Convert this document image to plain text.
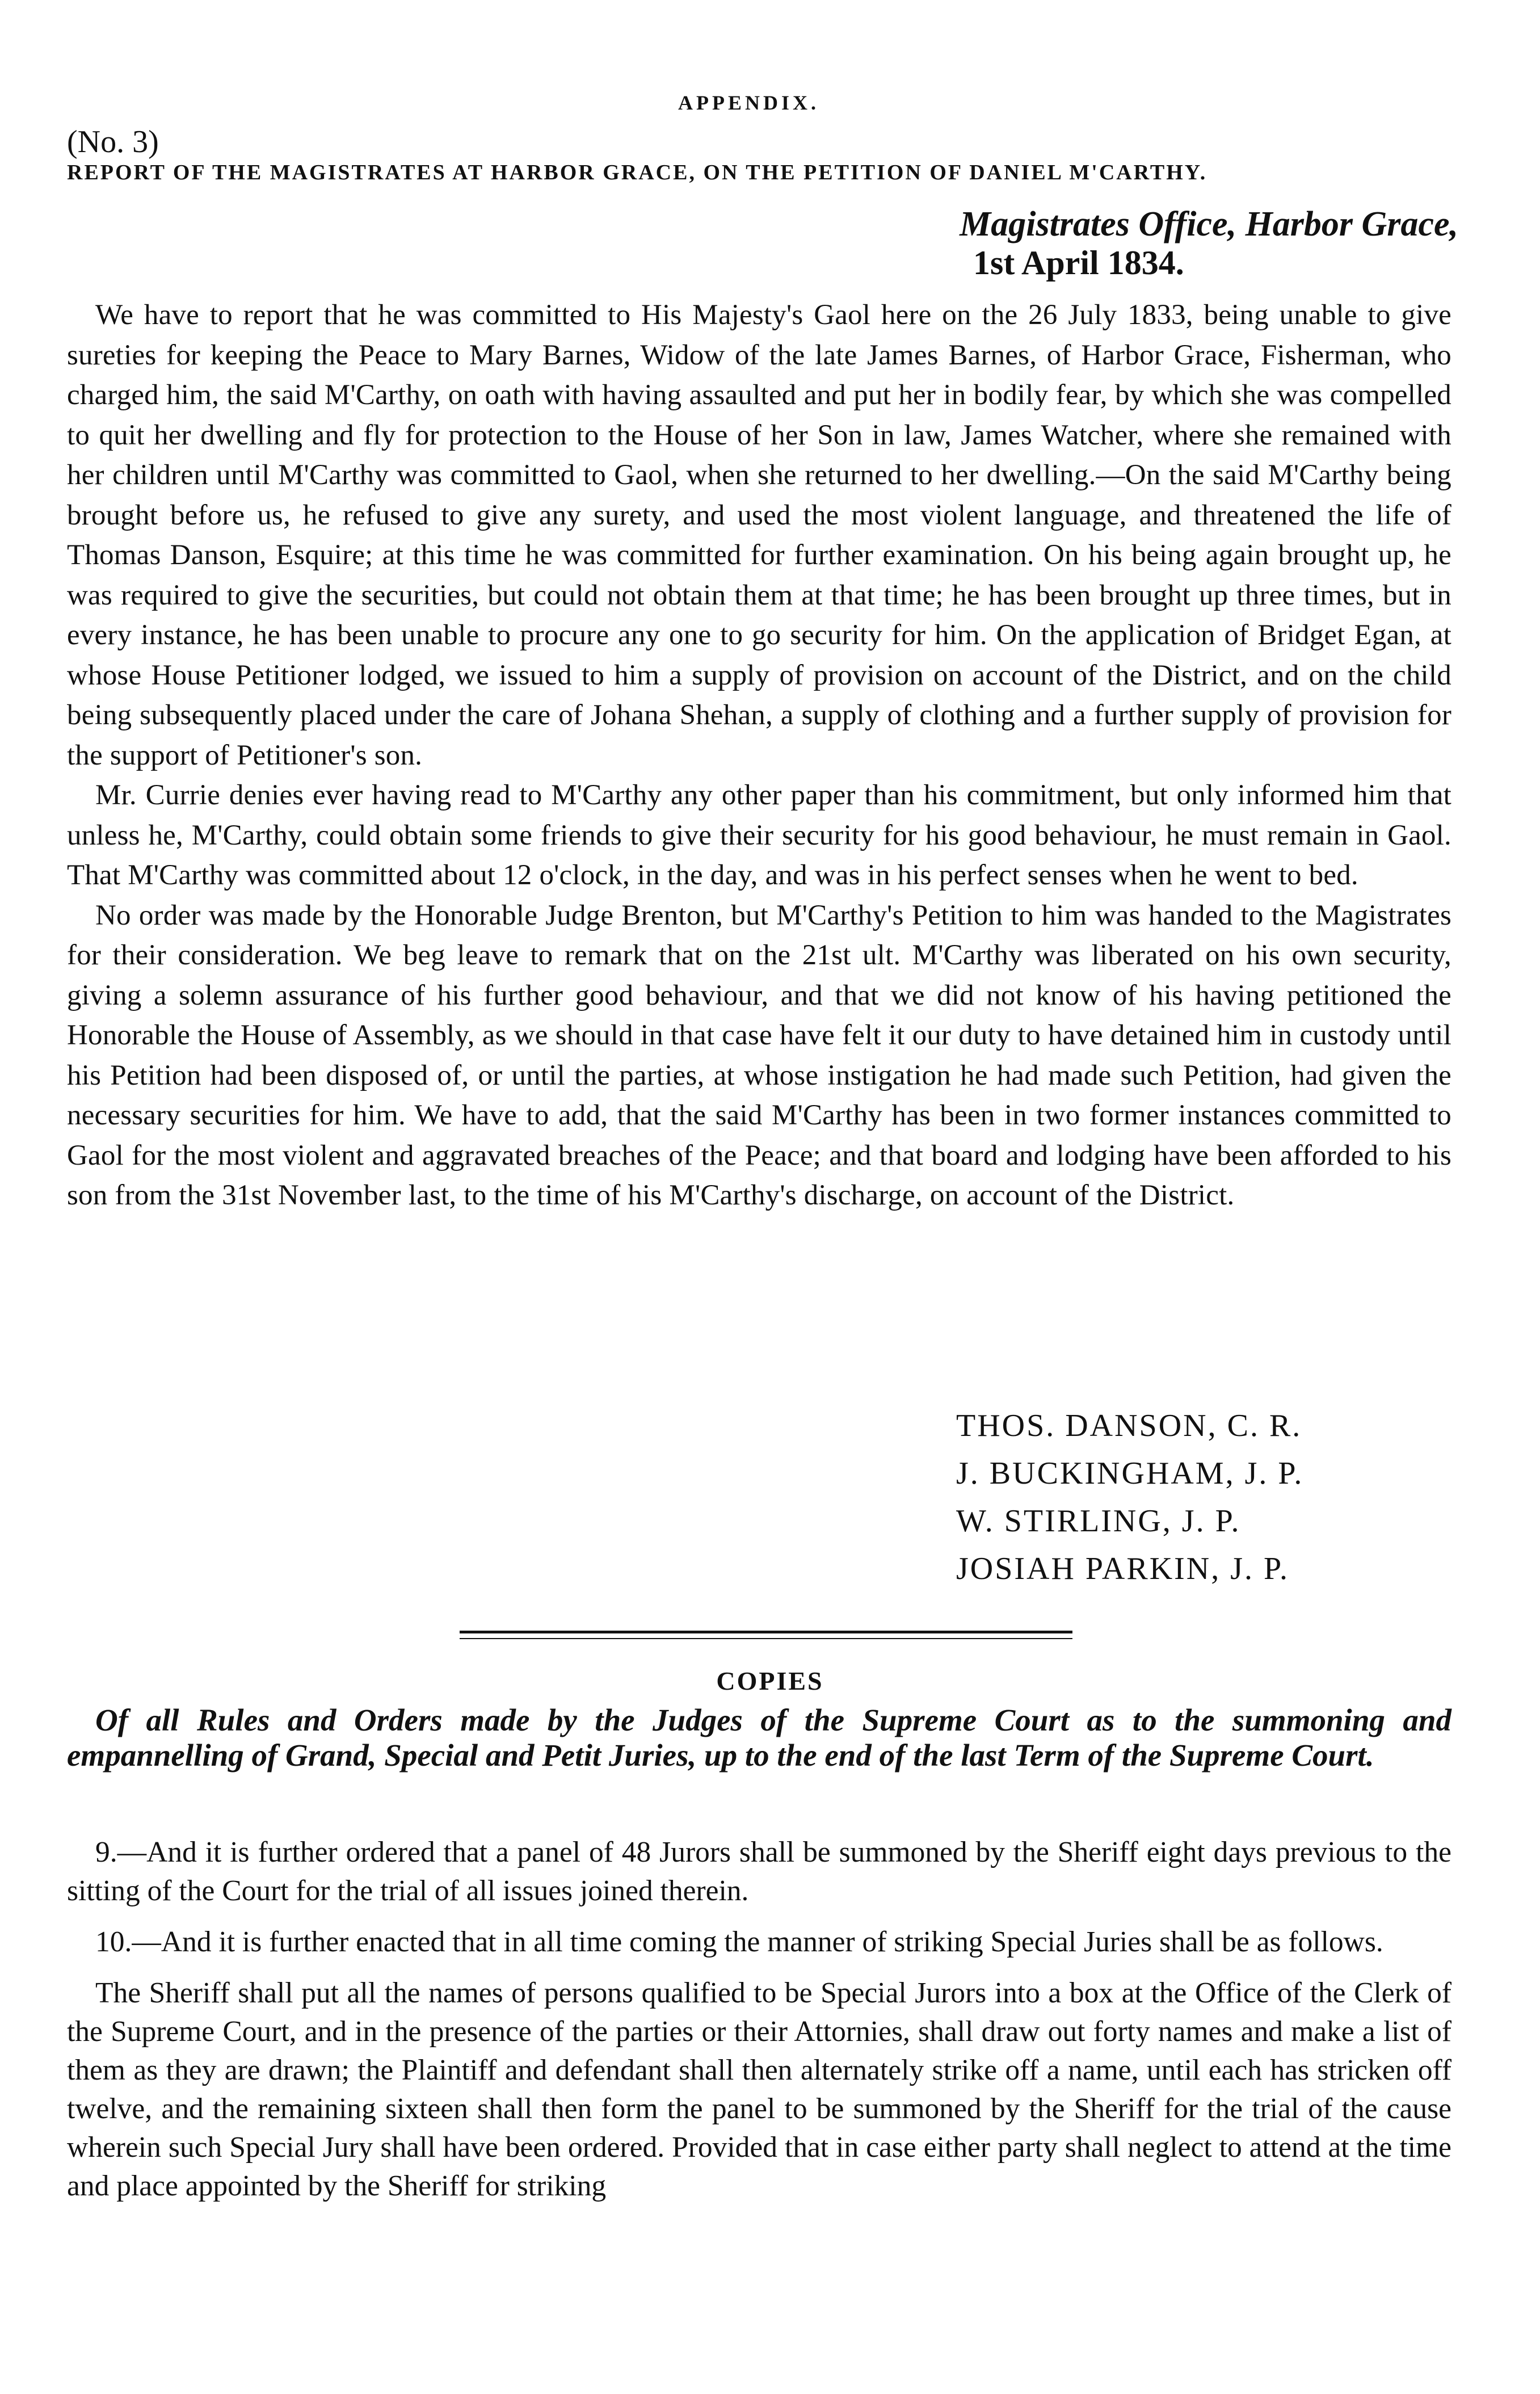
APPENDIX.
(No. 3)
REPORT OF THE MAGISTRATES AT HARBOR GRACE, ON THE PETITION OF DANIEL M'CARTHY.
Magistrates Office, Harbor Grace,
1st April 1834.

We have to report that he was committed to His Majesty's Gaol here on the 26 July 1833, being unable to give sureties for keeping the Peace to Mary Barnes, Widow of the late James Barnes, of Harbor Grace, Fisherman, who charged him, the said M'Carthy, on oath with having assaulted and put her in bodily fear, by which she was compelled to quit her dwelling and fly for protection to the House of her Son in law, James Watcher, where she remained with her children until M'Carthy was committed to Gaol, when she returned to her dwelling.—On the said M'Carthy being brought before us, he refused to give any surety, and used the most violent language, and threatened the life of Thomas Danson, Esquire; at this time he was committed for further examination. On his being again brought up, he was required to give the securities, but could not obtain them at that time; he has been brought up three times, but in every instance, he has been unable to procure any one to go security for him. On the application of Bridget Egan, at whose House Petitioner lodged, we issued to him a supply of provision on account of the District, and on the child being subsequently placed under the care of Johana Shehan, a supply of clothing and a further supply of provision for the support of Petitioner's son.

Mr. Currie denies ever having read to M'Carthy any other paper than his commitment, but only informed him that unless he, M'Carthy, could obtain some friends to give their security for his good behaviour, he must remain in Gaol. That M'Carthy was committed about 12 o'clock, in the day, and was in his perfect senses when he went to bed.

No order was made by the Honorable Judge Brenton, but M'Carthy's Petition to him was handed to the Magistrates for their consideration. We beg leave to remark that on the 21st ult. M'Carthy was liberated on his own security, giving a solemn assurance of his further good behaviour, and that we did not know of his having petitioned the Honorable the House of Assembly, as we should in that case have felt it our duty to have detained him in custody until his Petition had been disposed of, or until the parties, at whose instigation he had made such Petition, had given the necessary securities for him. We have to add, that the said M'Carthy has been in two former instances committed to Gaol for the most violent and aggravated breaches of the Peace; and that board and lodging have been afforded to his son from the 31st November last, to the time of his M'Carthy's discharge, on account of the District.

THOS. DANSON, C. R.
J. BUCKINGHAM, J. P.
W. STIRLING, J. P.
JOSIAH PARKIN, J. P.
COPIES
Of all Rules and Orders made by the Judges of the Supreme Court as to the summoning and empannelling of Grand, Special and Petit Juries, up to the end of the last Term of the Supreme Court.

9.—And it is further ordered that a panel of 48 Jurors shall be summoned by the Sheriff eight days previous to the sitting of the Court for the trial of all issues joined therein.

10.—And it is further enacted that in all time coming the manner of striking Special Juries shall be as follows.

The Sheriff shall put all the names of persons qualified to be Special Jurors into a box at the Office of the Clerk of the Supreme Court, and in the presence of the parties or their Attornies, shall draw out forty names and make a list of them as they are drawn; the Plaintiff and defendant shall then alternately strike off a name, until each has stricken off twelve, and the remaining sixteen shall then form the panel to be summoned by the Sheriff for the trial of the cause wherein such Special Jury shall have been ordered. Provided that in case either party shall neglect to attend at the time and place appointed by the Sheriff for striking
